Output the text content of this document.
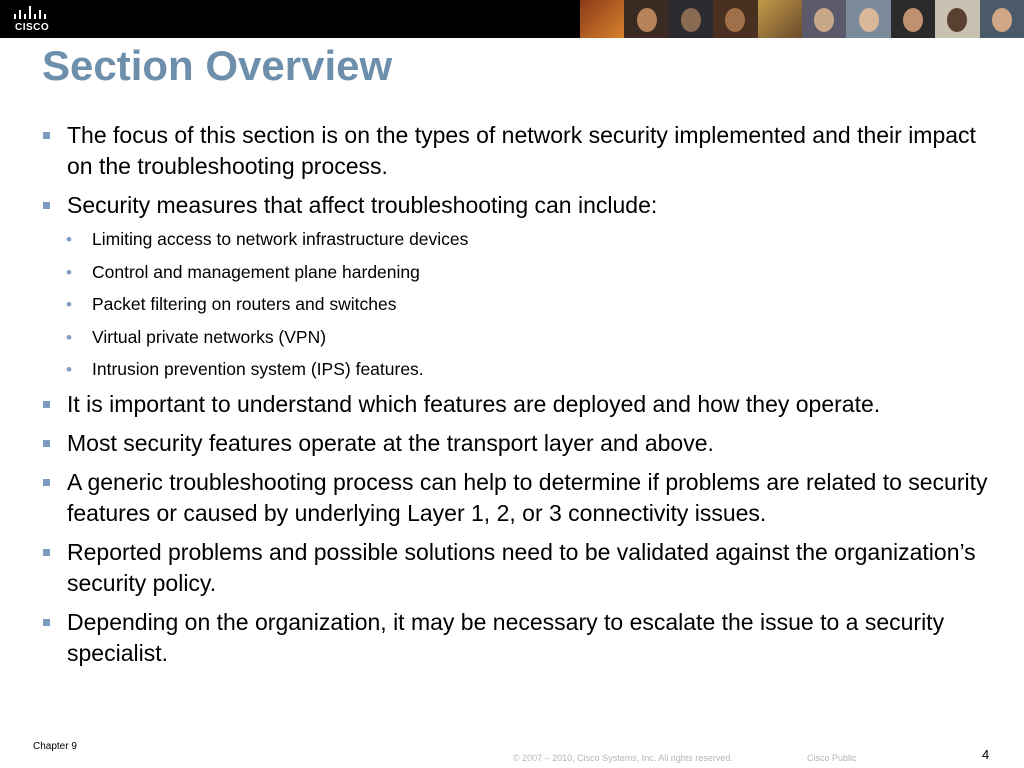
CISCO
Section Overview
The focus of this section is on the types of network security implemented and their impact on the troubleshooting process.
Security measures that affect troubleshooting can include:
• Limiting access to network infrastructure devices
• Control and management plane hardening
• Packet filtering on routers and switches
• Virtual private networks (VPN)
• Intrusion prevention system (IPS) features.
It is important to understand which features are deployed and how they operate.
Most security features operate at the transport layer and above.
A generic troubleshooting process can help to determine if problems are related to security features or caused by underlying Layer 1, 2, or 3 connectivity issues.
Reported problems and possible solutions need to be validated against the organization’s security policy.
Depending on the organization, it may be necessary to escalate the issue to a security specialist.
Chapter 9
© 2007 – 2010, Cisco Systems, Inc. All rights reserved.	Cisco Public	4
